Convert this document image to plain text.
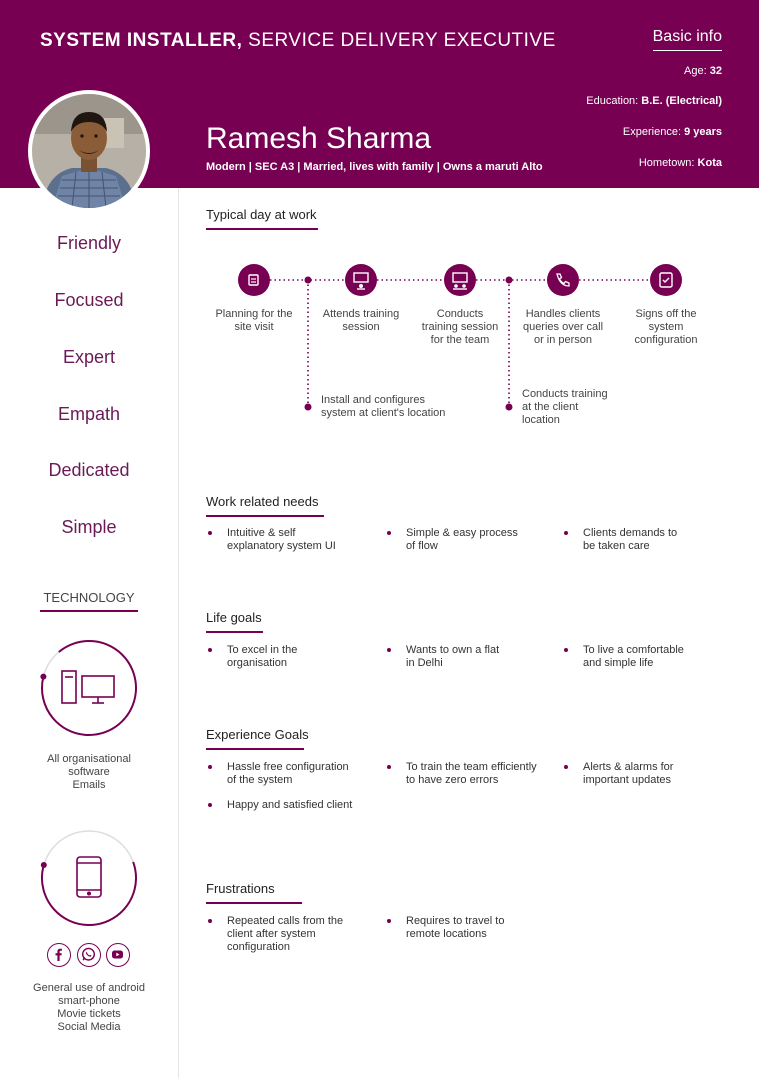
SYSTEM INSTALLER, SERVICE DELIVERY EXECUTIVE
Ramesh Sharma
Modern | SEC A3 | Married, lives with family | Owns a maruti Alto
Basic info
Age: 32
Education: B.E. (Electrical)
Experience: 9 years
Hometown: Kota
Friendly
Focused
Expert
Empath
Dedicated
Simple
TECHNOLOGY
All organisational
software
Emails
General use of android
smart-phone
Movie tickets
Social Media
Typical day at work
Planning for the
site visit
Attends training
session
Conducts
training session
for the team
Handles clients
queries over call
or in person
Signs off the
system
configuration
Install and configures
system at client's location
Conducts training
at the client
location
Work related needs
Intuitive & self
explanatory system UI
Simple & easy process
of flow
Clients demands to
be taken care
Life goals
To excel in the
organisation
Wants to own a flat
in Delhi
To live a comfortable
and simple life
Experience Goals
Hassle free configuration
of the system
To train the team efficiently
to have zero errors
Alerts & alarms for
important updates
Happy and satisfied client
Frustrations
Repeated calls from the
client after system
configuration
Requires to travel to
remote locations
